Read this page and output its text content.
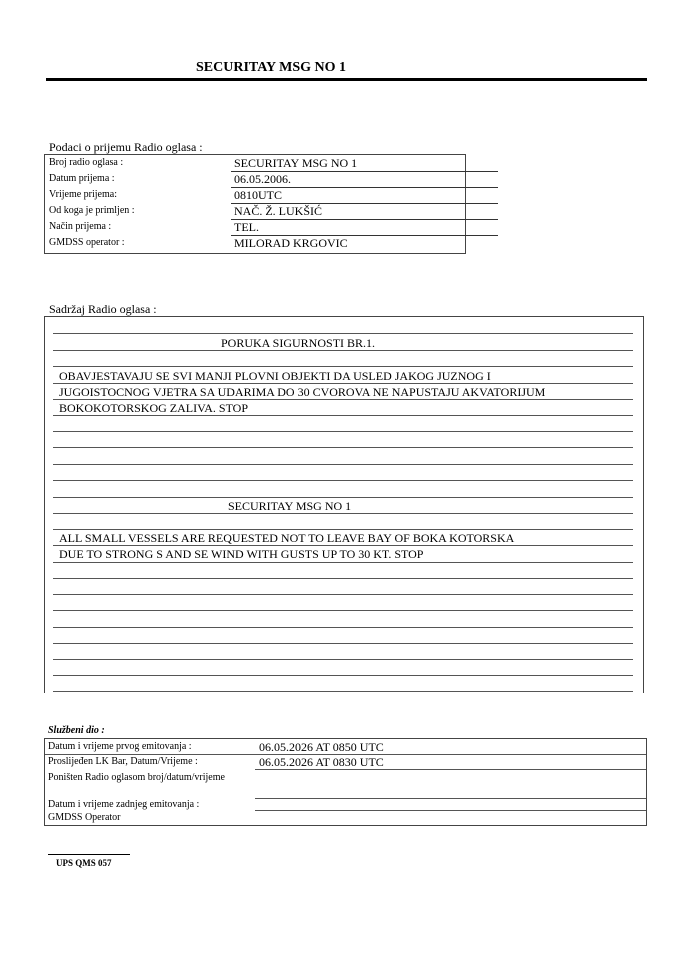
SECURITAY MSG NO 1
Podaci o prijemu Radio oglasa :
Broj radio oglasa :	SECURITAY MSG NO 1
Datum prijema :	06.05.2006.
Vrijeme prijema:	0810UTC
Od koga je primljen :	NAČ. Ž. LUKŠIĆ
Način prijema :	TEL.
GMDSS operator :	MILORAD KRGOVIC
Sadržaj Radio oglasa :
PORUKA SIGURNOSTI BR.1.
OBAVJESTAVAJU SE SVI MANJI PLOVNI OBJEKTI DA USLED JAKOG JUZNOG I
JUGOISTOCNOG VJETRA SA UDARIMA DO 30 CVOROVA NE NAPUSTAJU AKVATORIJUM
BOKOKOTORSKOG ZALIVA. STOP
SECURITAY MSG NO 1
ALL SMALL VESSELS ARE REQUESTED NOT TO LEAVE BAY OF BOKA KOTORSKA
DUE TO STRONG S AND SE WIND WITH GUSTS UP TO 30 KT. STOP
Službeni dio :
Datum i vrijeme prvog emitovanja :	06.05.2026 AT 0850 UTC
Proslijeđen LK Bar, Datum/Vrijeme :	06.05.2026 AT 0830 UTC
Poništen Radio oglasom broj/datum/vrijeme
Datum i vrijeme zadnjeg emitovanja :
GMDSS Operator
UPS QMS 057
